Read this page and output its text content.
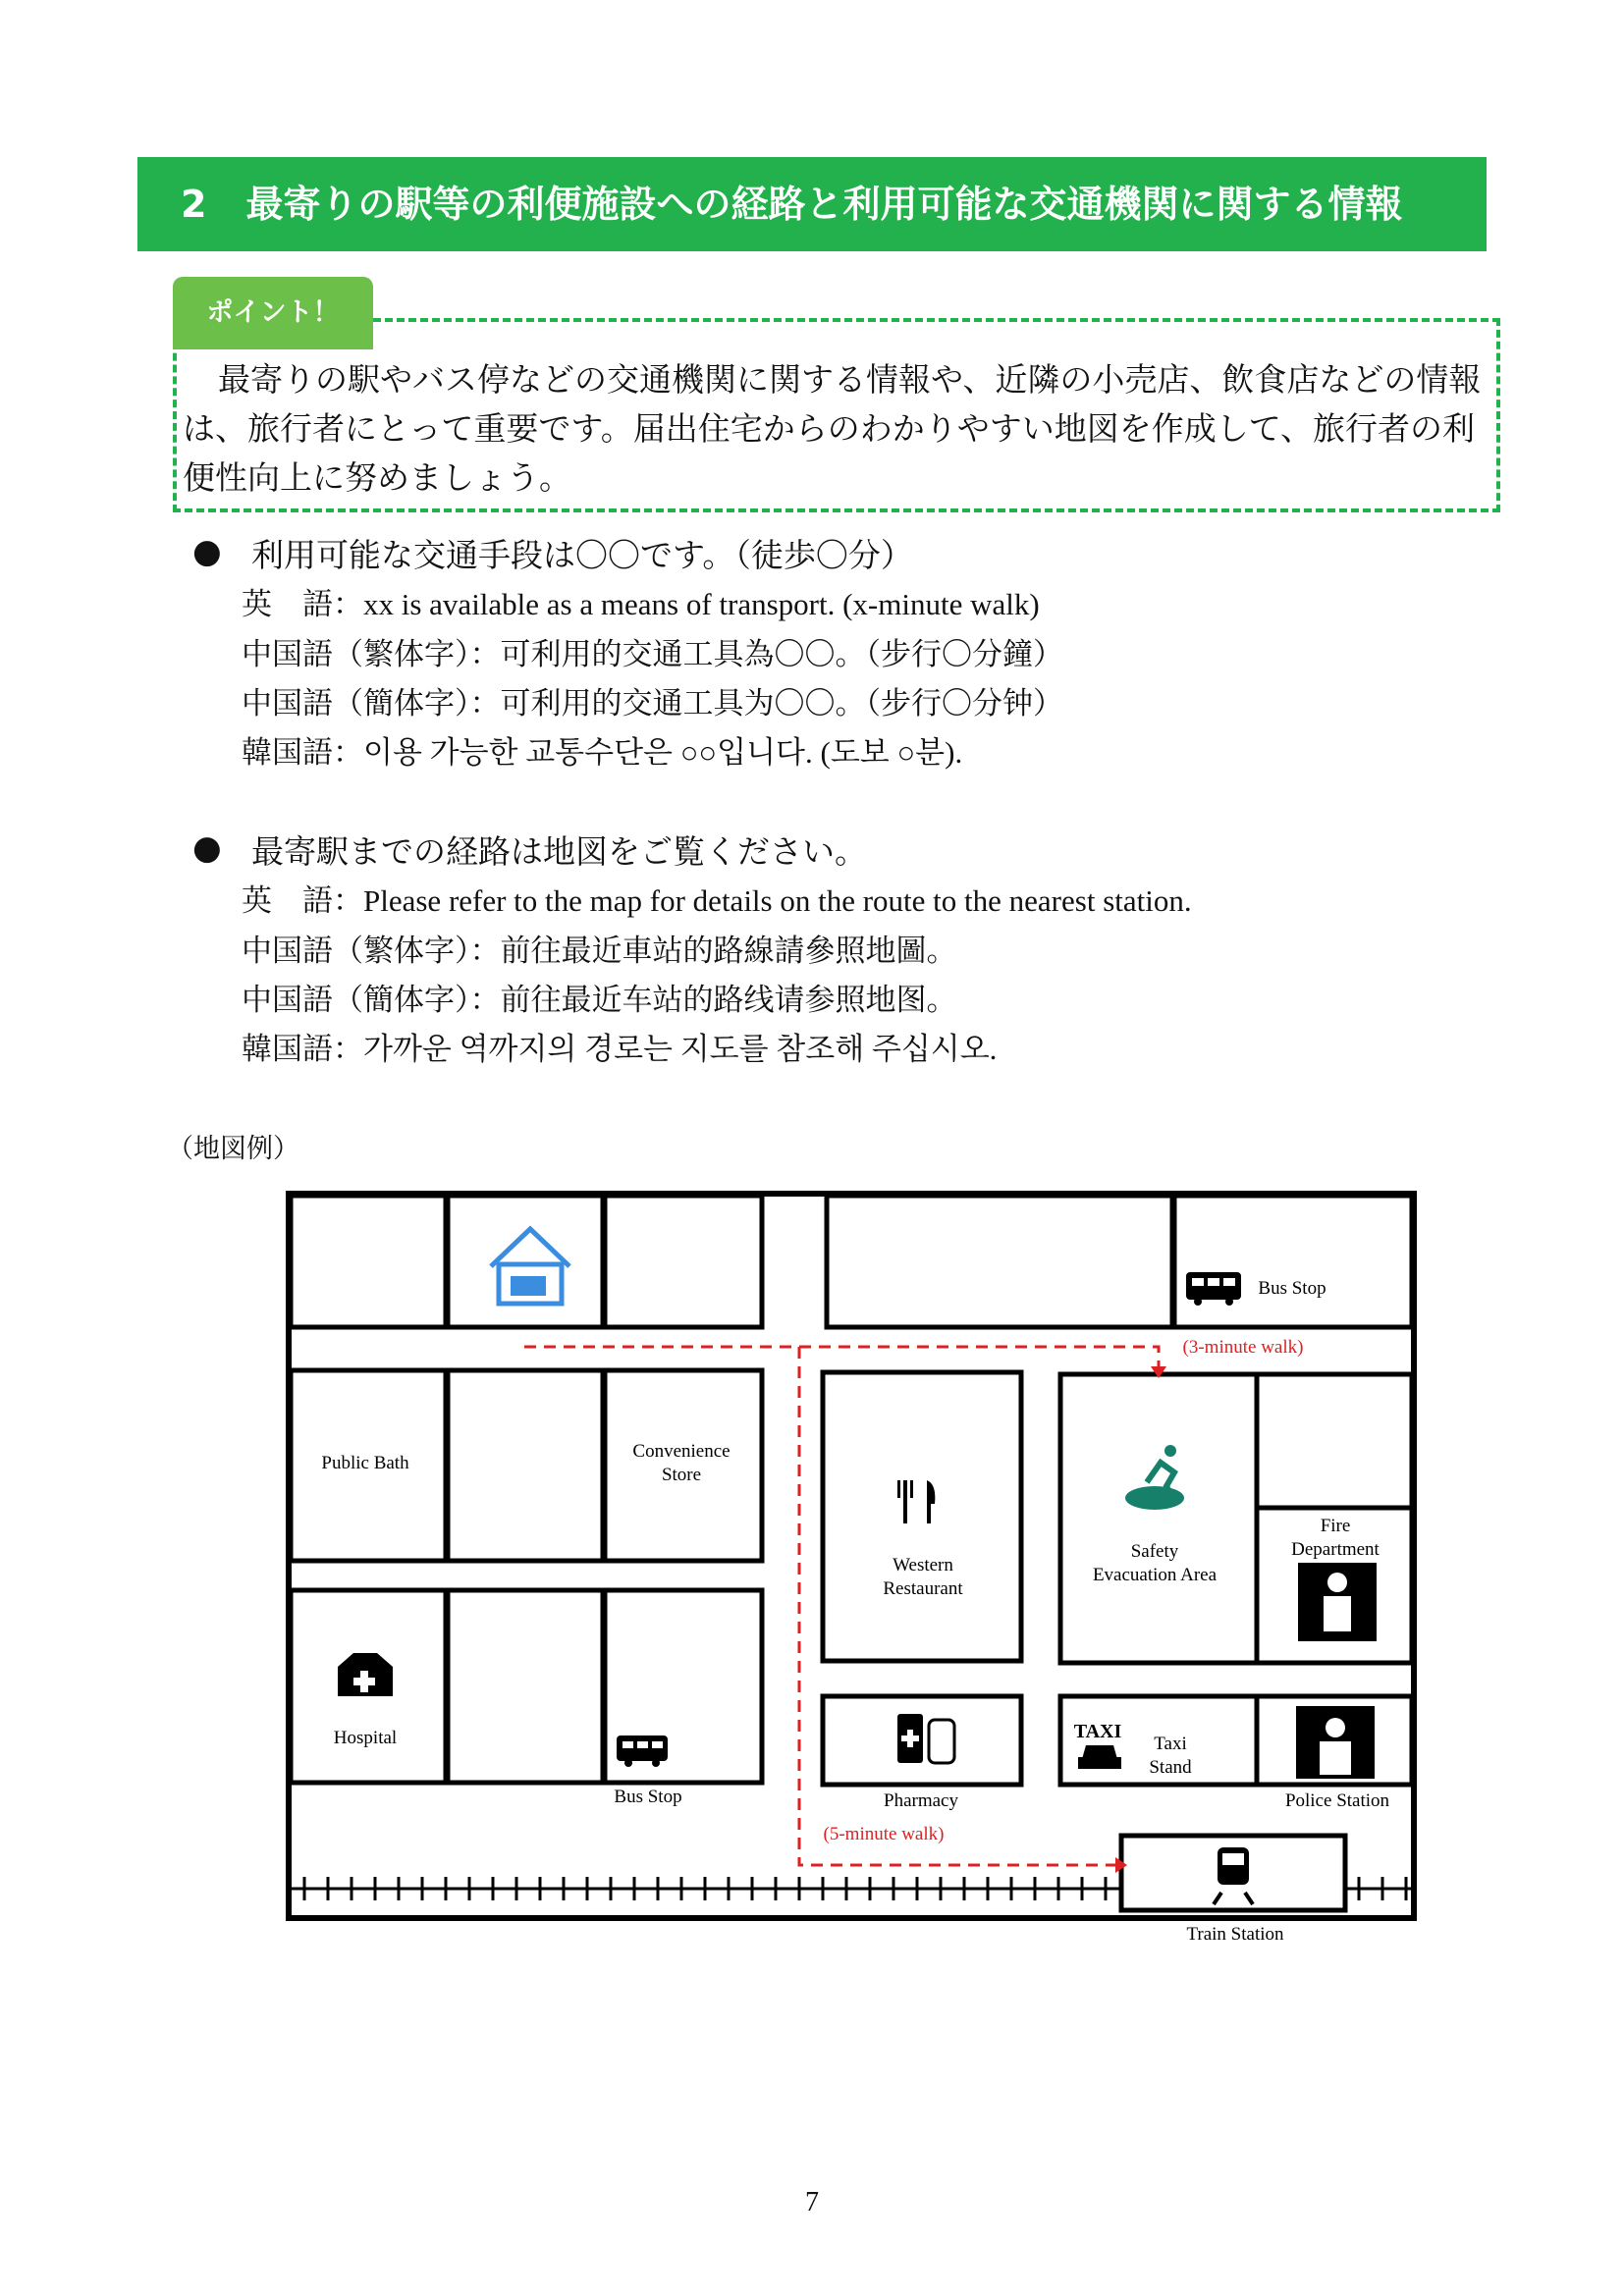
2 最寄りの駅等の利便施設への経路と利用可能な交通機関に関する情報
ポイント！
最寄りの駅やバス停などの交通機関に関する情報や、近隣の小売店、飲食店などの情報は、旅行者にとって重要です。届出住宅からのわかりやすい地図を作成して、旅行者の利便性向上に努めましょう。
● 利用可能な交通手段は〇〇です。（徒歩〇分）
英　語：xx is available as a means of transport. (x-minute walk)
中国語（繁体字）：可利用的交通工具為〇〇。（步行〇分鐘）
中国語（簡体字）：可利用的交通工具为〇〇。（步行〇分钟）
韓国語：이용 가능한 교통수단은 ○○입니다. (도보 ○분).
● 最寄駅までの経路は地図をご覧ください。
英　語：Please refer to the map for details on the route to the nearest station.
中国語（繁体字）：前往最近車站的路線請參照地圖。
中国語（簡体字）：前往最近车站的路线请参照地图。
韓国語：가까운 역까지의 경로는 지도를 참조해 주십시오.
（地図例）
Bus Stop
(3-minute walk)
Public Bath
Convenience
Store
Western
Restaurant
Safety
Evacuation Area
Fire
Department
Hospital
Bus Stop	Pharmacy
TAXI
Taxi
Stand
Police Station
(5-minute walk)
Train Station
7
